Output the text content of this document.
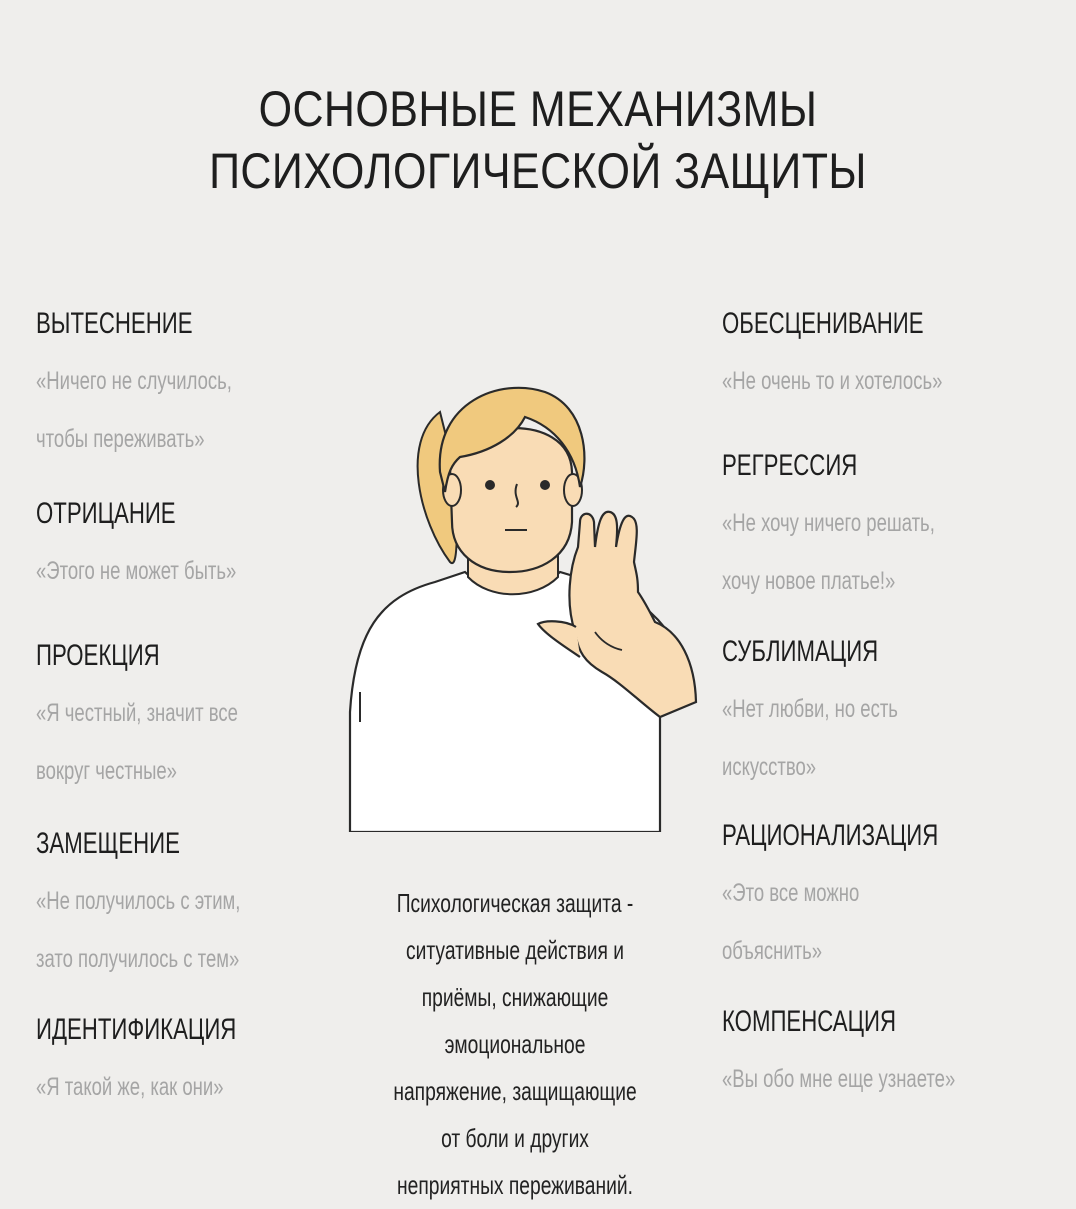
ОСНОВНЫЕ МЕХАНИЗМЫ
ПСИХОЛОГИЧЕСКОЙ ЗАЩИТЫ
ВЫТЕСНЕНИЕ
«Ничего не случилось,
чтобы переживать»
ОТРИЦАНИЕ
«Этого не может быть»
ПРОЕКЦИЯ
«Я честный, значит все
вокруг честные»
ЗАМЕЩЕНИЕ
«Не получилось с этим,
зато получилось с тем»
ИДЕНТИФИКАЦИЯ
«Я такой же, как они»
ОБЕСЦЕНИВАНИЕ
«Не очень то и хотелось»
РЕГРЕССИЯ
«Не хочу ничего решать,
хочу новое платье!»
СУБЛИМАЦИЯ
«Нет любви, но есть
искусство»
РАЦИОНАЛИЗАЦИЯ
«Это все можно
объяснить»
КОМПЕНСАЦИЯ
«Вы обо мне еще узнаете»
Психологическая защита -
ситуативные действия и
приёмы, снижающие
эмоциональное
напряжение, защищающие
от боли и других
неприятных переживаний.
